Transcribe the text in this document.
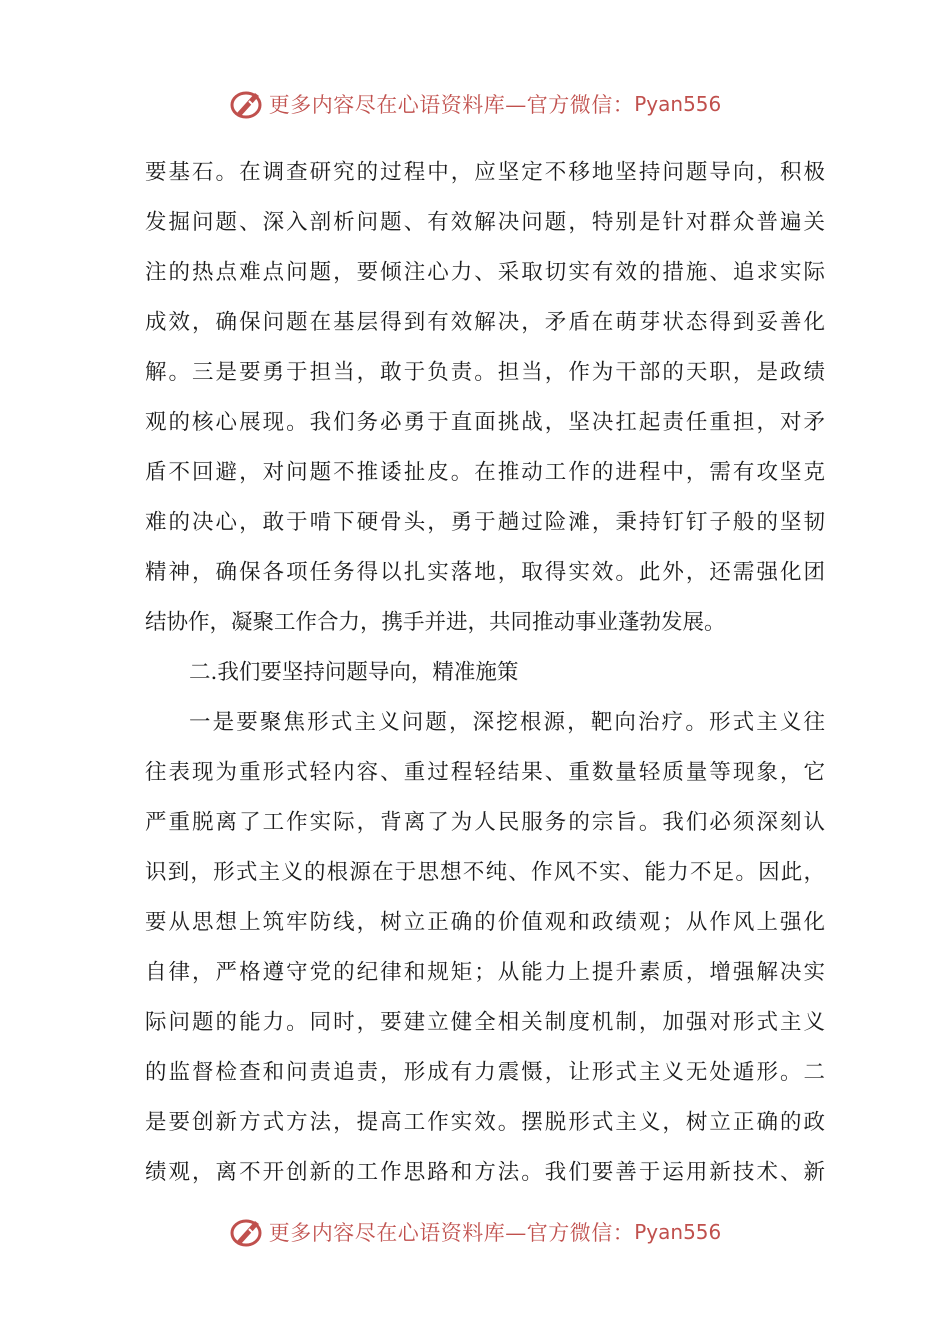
更多内容尽在心语资料库—官方微信： Pyan556
要基石。在调查研究的过程中，应坚定不移地坚持问题导向，积极
发掘问题、深入剖析问题、有效解决问题，特别是针对群众普遍关
注的热点难点问题，要倾注心力、采取切实有效的措施、追求实际
成效，确保问题在基层得到有效解决，矛盾在萌芽状态得到妥善化
解。三是要勇于担当，敢于负责。担当，作为干部的天职，是政绩
观的核心展现。我们务必勇于直面挑战，坚决扛起责任重担，对矛
盾不回避，对问题不推诿扯皮。在推动工作的进程中，需有攻坚克
难的决心，敢于啃下硬骨头，勇于趟过险滩，秉持钉钉子般的坚韧
精神，确保各项任务得以扎实落地，取得实效。此外，还需强化团
结协作，凝聚工作合力，携手并进，共同推动事业蓬勃发展。
二.我们要坚持问题导向，精准施策
一是要聚焦形式主义问题，深挖根源，靶向治疗。形式主义往
往表现为重形式轻内容、重过程轻结果、重数量轻质量等现象，它
严重脱离了工作实际，背离了为人民服务的宗旨。我们必须深刻认
识到，形式主义的根源在于思想不纯、作风不实、能力不足。因此，
要从思想上筑牢防线，树立正确的价值观和政绩观；从作风上强化
自律，严格遵守党的纪律和规矩；从能力上提升素质，增强解决实
际问题的能力。同时，要建立健全相关制度机制，加强对形式主义
的监督检查和问责追责，形成有力震慑，让形式主义无处遁形。二
是要创新方式方法，提高工作实效。摆脱形式主义，树立正确的政
绩观，离不开创新的工作思路和方法。我们要善于运用新技术、新
更多内容尽在心语资料库—官方微信： Pyan556
